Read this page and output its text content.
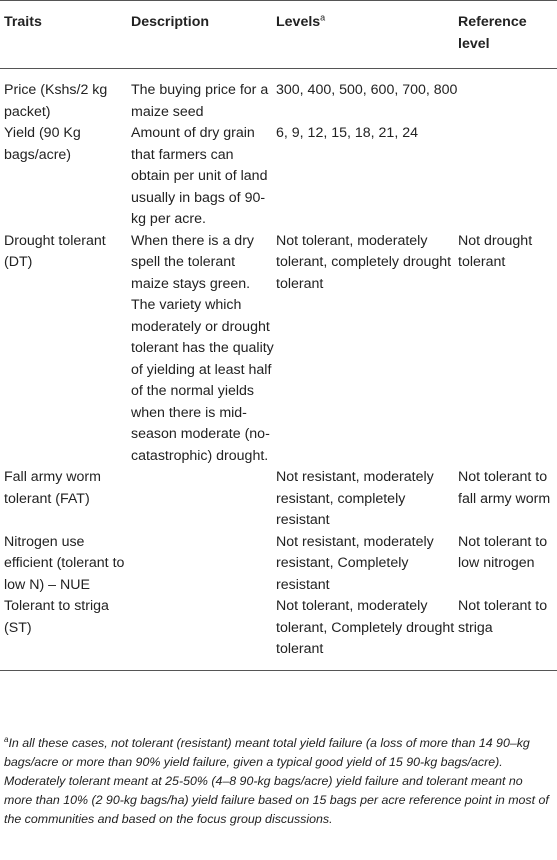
Traits	Description	Levels$^a$	Reference level
Price (Kshs/2 kg packet)	The buying price for a maize seed	300, 400, 500, 600, 700, 800	
Yield (90 Kg bags/acre)	Amount of dry grain that farmers can obtain per unit of land usually in bags of 90-kg per acre.	6, 9, 12, 15, 18, 21, 24	
Drought tolerant (DT)	When there is a dry spell the tolerant maize stays green. The variety which moderately or drought tolerant has the quality of yielding at least half of the normal yields when there is mid-season moderate (no-catastrophic) drought.	Not tolerant, moderately tolerant, completely drought tolerant	Not drought tolerant
Fall army worm tolerant (FAT)		Not resistant, moderately resistant, completely resistant	Not tolerant to fall army worm
Nitrogen use efficient (tolerant to low N) – NUE		Not resistant, moderately resistant, Completely resistant	Not tolerant to low nitrogen
Tolerant to striga (ST)		Not tolerant, moderately tolerant, Completely drought tolerant	Not tolerant to striga
$^a$In all these cases, not tolerant (resistant) meant total yield failure (a loss of more than 14 90–kg bags/acre or more than 90% yield failure, given a typical good yield of 15 90-kg bags/acre). Moderately tolerant meant at 25-50% (4–8 90-kg bags/acre) yield failure and tolerant meant no more than 10% (2 90-kg bags/ha) yield failure based on 15 bags per acre reference point in most of the communities and based on the focus group discussions.
